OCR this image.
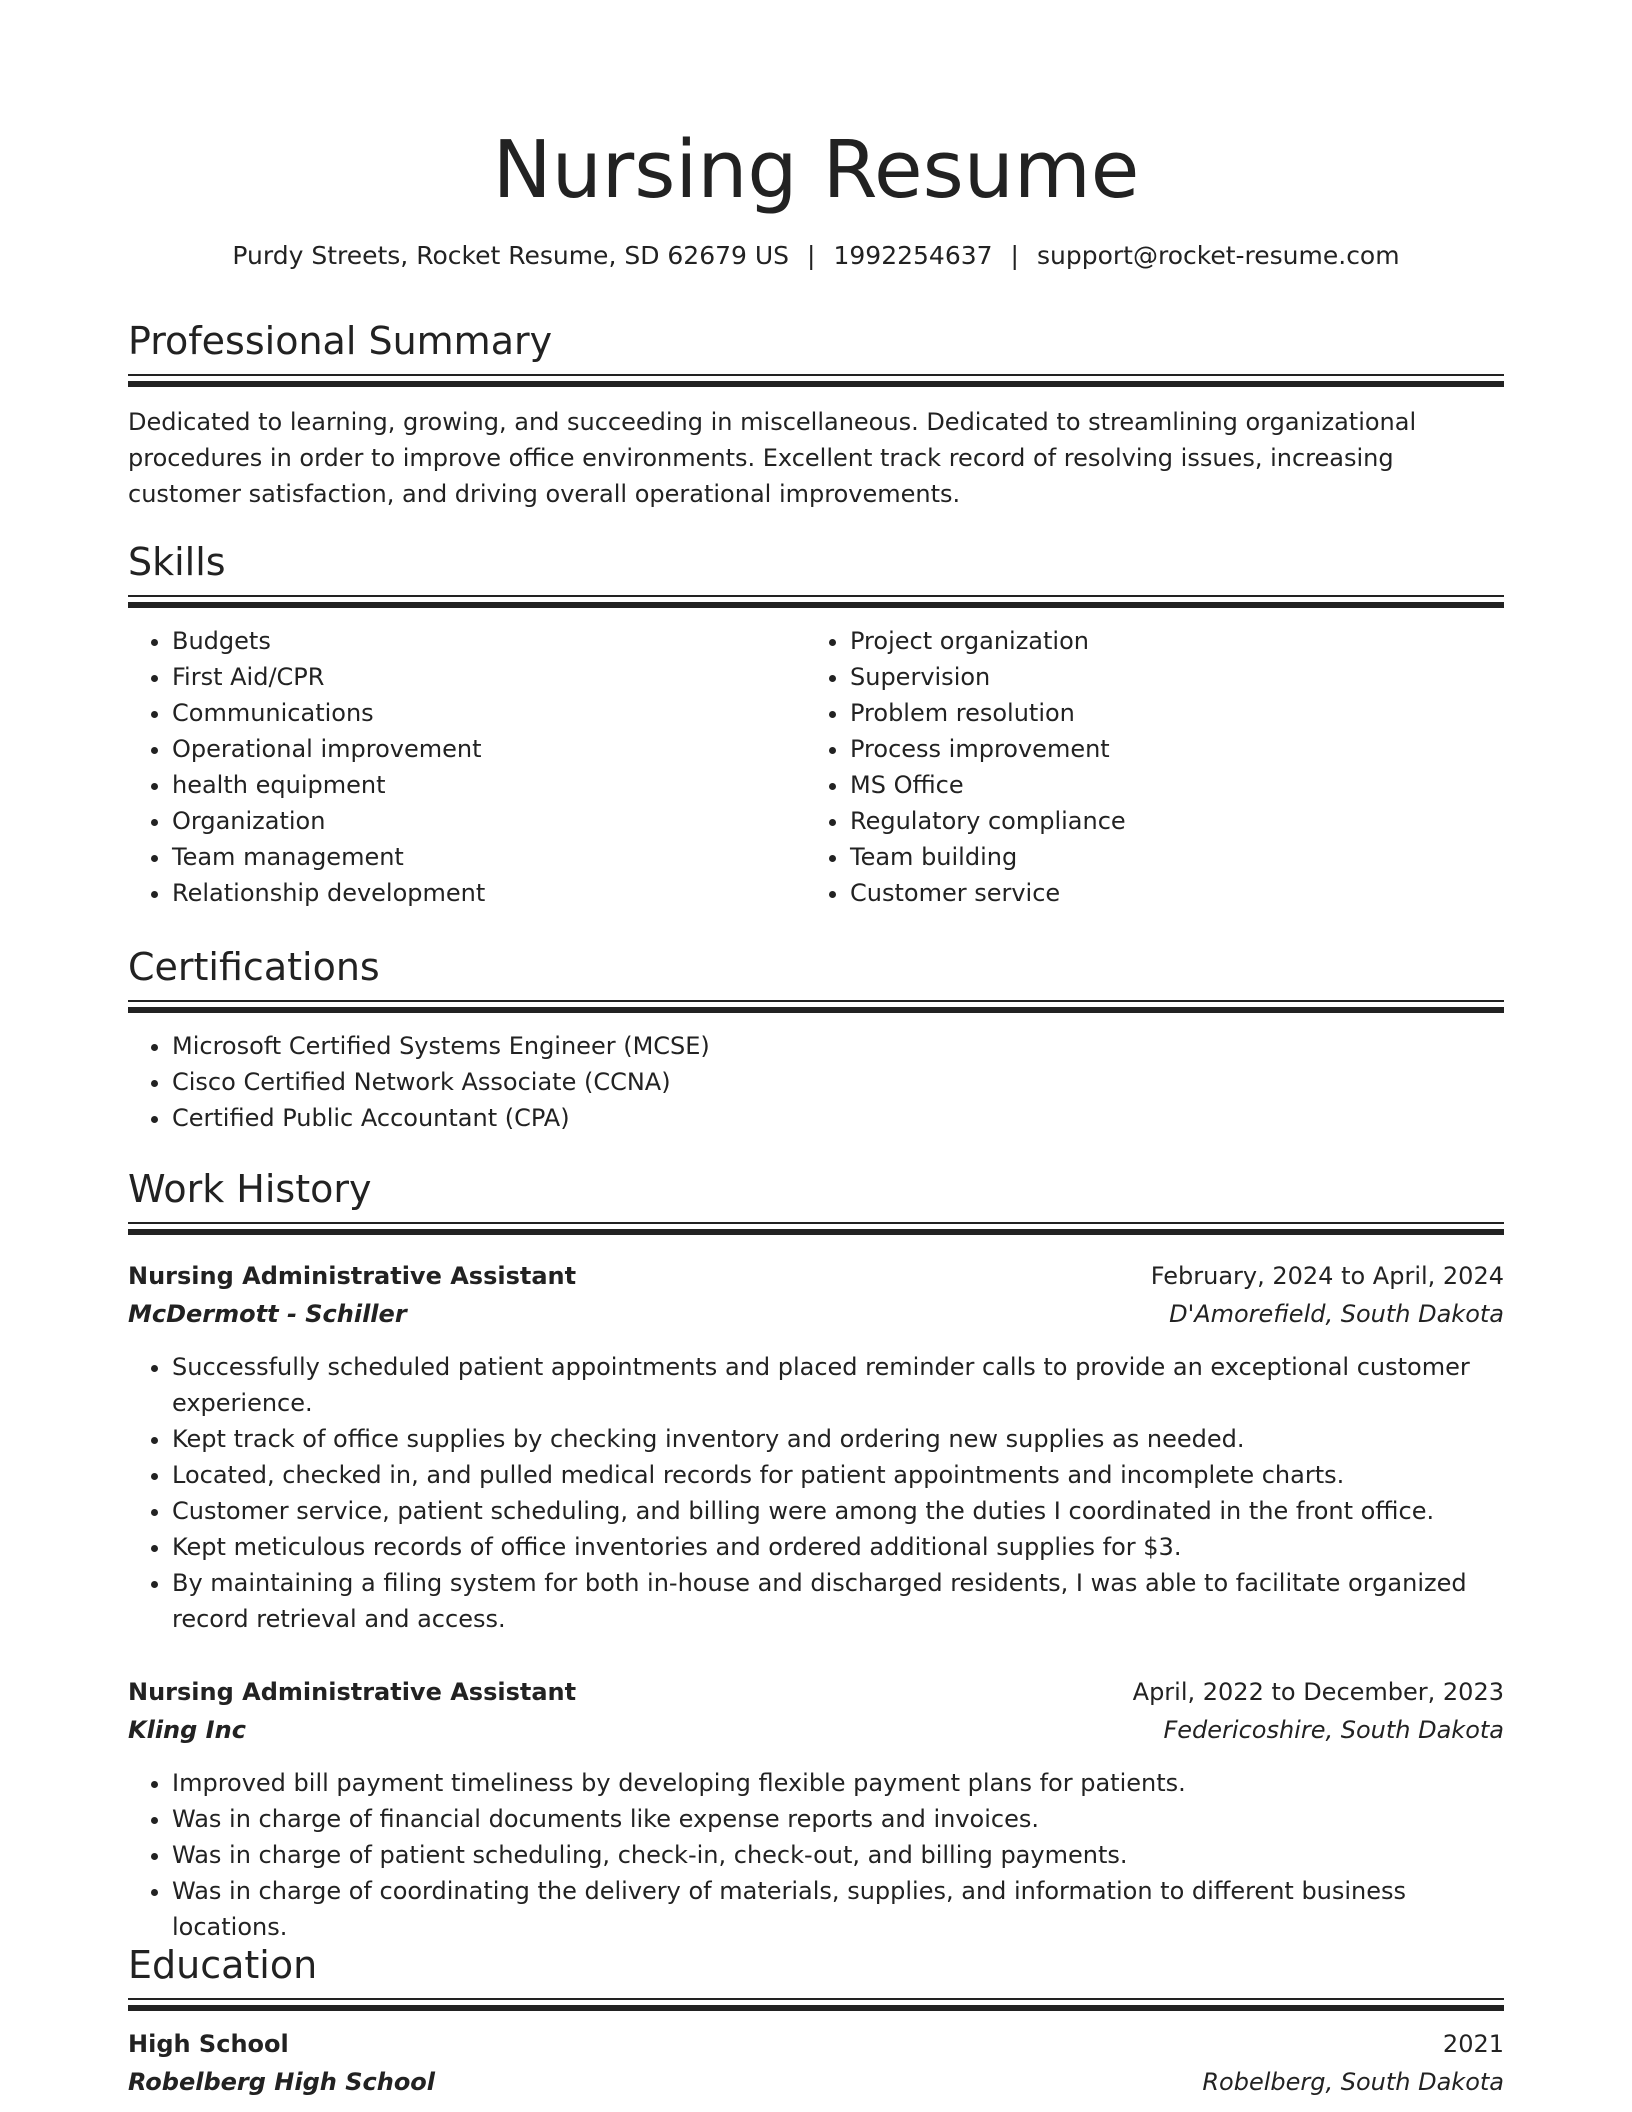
Nursing Resume
Purdy Streets, Rocket Resume, SD 62679 US | 1992254637 | support@rocket-resume.com
Professional Summary

Dedicated to learning, growing, and succeeding in miscellaneous. Dedicated to streamlining organizational procedures in order to improve office environments. Excellent track record of resolving issues, increasing customer satisfaction, and driving overall operational improvements.

Skills
• Budgets
• First Aid/CPR
• Communications
• Operational improvement
• health equipment
• Organization
• Team management
• Relationship development
• Project organization
• Supervision
• Problem resolution
• Process improvement
• MS Office
• Regulatory compliance
• Team building
• Customer service
Certifications
• Microsoft Certified Systems Engineer (MCSE)
• Cisco Certified Network Associate (CCNA)
• Certified Public Accountant (CPA)
Work History
Nursing Administrative Assistant	February, 2024 to April, 2024
McDermott - Schiller	D'Amorefield, South Dakota
• Successfully scheduled patient appointments and placed reminder calls to provide an exceptional customer experience.
• Kept track of office supplies by checking inventory and ordering new supplies as needed.
• Located, checked in, and pulled medical records for patient appointments and incomplete charts.
• Customer service, patient scheduling, and billing were among the duties I coordinated in the front office.
• Kept meticulous records of office inventories and ordered additional supplies for $3.
• By maintaining a filing system for both in-house and discharged residents, I was able to facilitate organized record retrieval and access.
Nursing Administrative Assistant	April, 2022 to December, 2023
Kling Inc	Federicoshire, South Dakota
• Improved bill payment timeliness by developing flexible payment plans for patients.
• Was in charge of financial documents like expense reports and invoices.
• Was in charge of patient scheduling, check-in, check-out, and billing payments.
• Was in charge of coordinating the delivery of materials, supplies, and information to different business locations.
Education
High School	2021
Robelberg High School	Robelberg, South Dakota
